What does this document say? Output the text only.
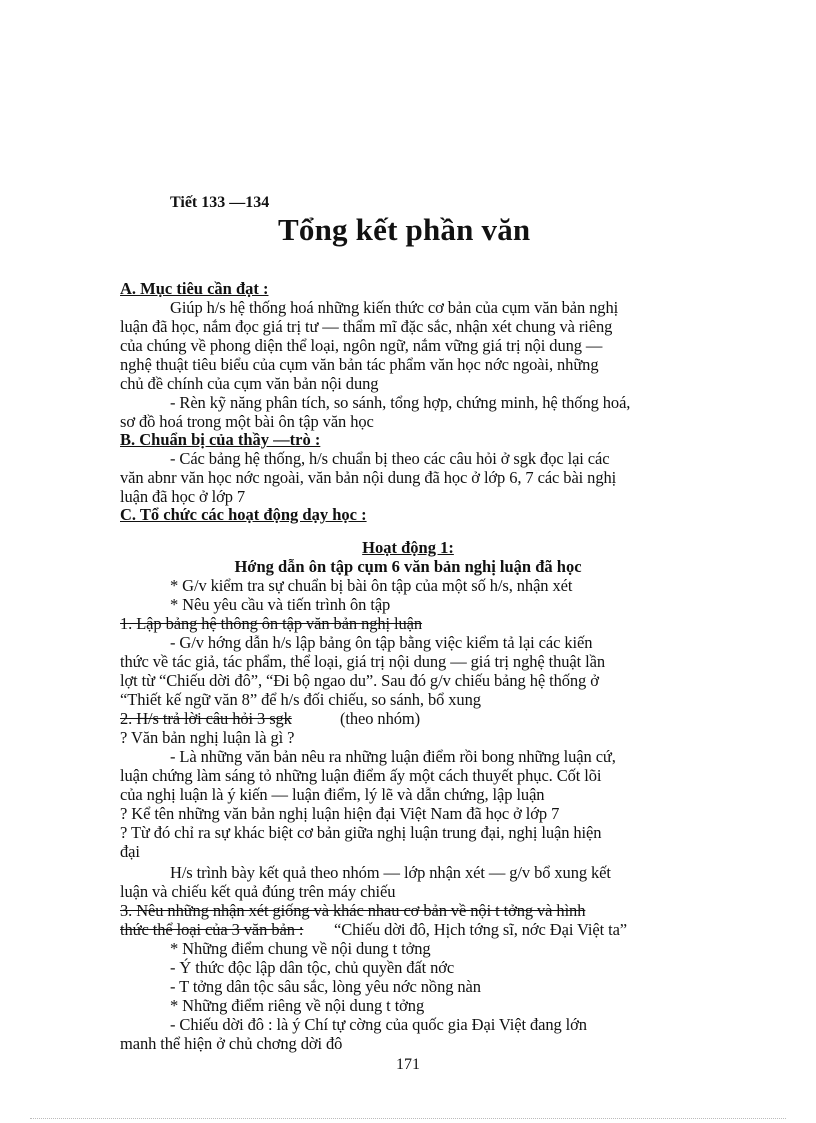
Tiết 133 —134
Tổng kết phần văn
A. Mục tiêu cần đạt :
Giúp h/s hệ thống hoá những kiến thức cơ bản của cụm văn bản nghị
luận đã học, nắm đọc giá trị tư — thẩm mĩ đặc sắc, nhận xét chung và riêng
của chúng về phong diện thể loại, ngôn ngữ, nắm vững giá trị nội dung —
nghệ thuật tiêu biểu của cụm văn bản tác phẩm văn học nớc ngoài, những
chủ đề chính của cụm văn bản nội dung
- Rèn kỹ năng phân tích, so sánh, tổng hợp, chứng minh, hệ thống hoá,
sơ đồ hoá trong một bài ôn tập văn học
B. Chuẩn bị của thầy —trò :
- Các bảng hệ thống, h/s chuẩn bị theo các câu hỏi ở sgk đọc lại các
văn abnr văn học nớc ngoài, văn bản nội dung đã học ở lớp 6, 7 các bài nghị
luận đã học ở lớp 7
C. Tổ chức các hoạt động dạy học :
Hoạt động 1:
Hớng dẫn ôn tập cụm 6 văn bản nghị luận đã học
* G/v kiểm tra sự chuẩn bị bài ôn tập của một số h/s, nhận xét
* Nêu yêu cầu và tiến trình ôn tập
1. Lập bảng hệ thông ôn tập văn bản nghị luận
- G/v hớng dẫn h/s lập bảng ôn tập bằng việc kiểm tả lại các kiến
thức về tác giả, tác phẩm, thể loại, giá trị nội dung — giá trị nghệ thuật lần
lợt từ “Chiếu dời đô”, “Đi bộ ngao du”. Sau đó g/v chiếu bảng hệ thống ở
“Thiết kế ngữ văn 8” để h/s đối chiếu, so sánh, bổ xung
2. H/s trả lời câu hỏi 3 sgk	(theo nhóm)
? Văn bản nghị luận là gì ?
- Là những văn bản nêu ra những luận điểm rồi bong những luận cứ,
luận chứng làm sáng tỏ những luận điểm ấy một cách thuyết phục. Cốt lõi
của nghị luận là ý kiến — luận điểm, lý lẽ và dẫn chứng, lập luận
? Kể tên những văn bản nghị luận hiện đại Việt Nam đã học ở lớp 7
? Từ đó chỉ ra sự khác biệt cơ bản giữa nghị luận trung đại, nghị luận hiện
đại
H/s trình bày kết quả theo nhóm — lớp nhận xét — g/v bổ xung kết
luận và chiếu kết quả đúng trên máy chiếu
3. Nêu những nhận xét giống và khác nhau cơ bản về nội t tởng và hình
thức thể loại của 3 văn bản : “Chiếu dời đô, Hịch tớng sĩ, nớc Đại Việt ta”
* Những điểm chung về nội dung t tởng
- Ý thức độc lập dân tộc, chủ quyền đất nớc
- T tởng dân tộc sâu sắc, lòng yêu nớc nồng nàn
* Những điểm riêng về nội dung t tởng
- Chiếu dời đô : là ý Chí tự cờng của quốc gia Đại Việt đang lớn
manh thể hiện ở chủ chơng dời đô
171
